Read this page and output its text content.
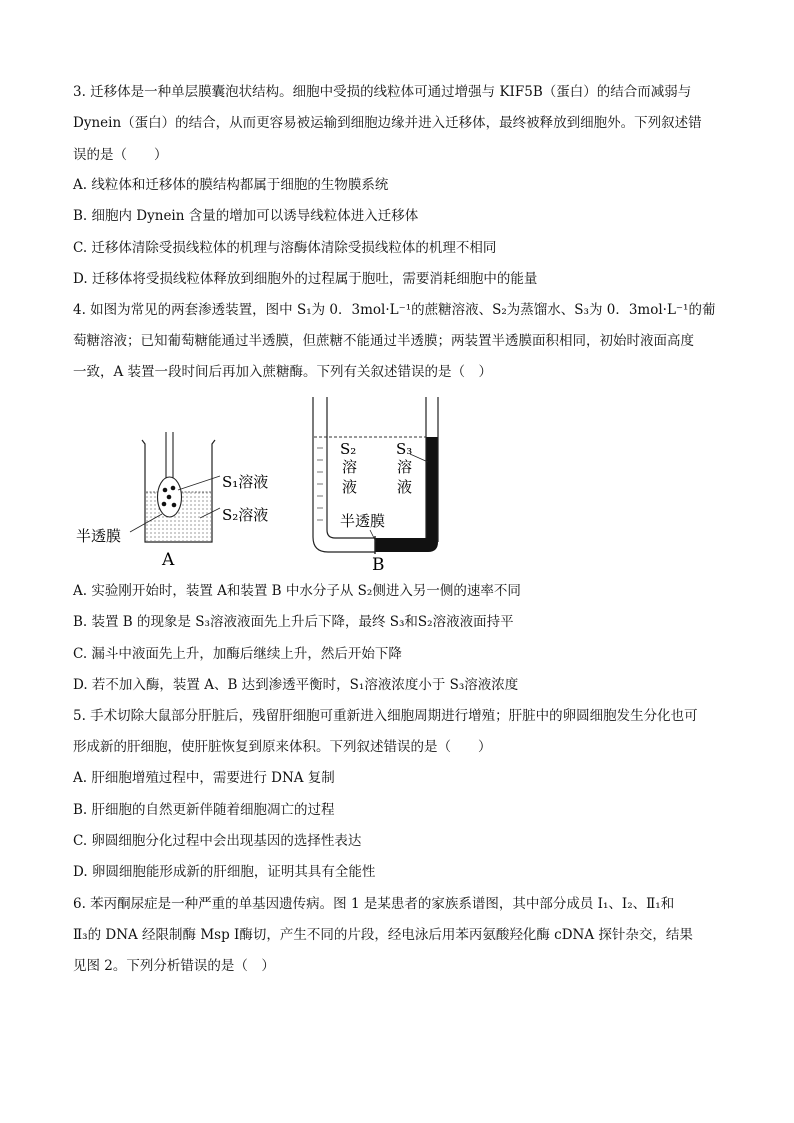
3. 迁移体是一种单层膜囊泡状结构。细胞中受损的线粒体可通过增强与 KIF5B（蛋白）的结合而减弱与
Dynein（蛋白）的结合，从而更容易被运输到细胞边缘并进入迁移体，最终被释放到细胞外。下列叙述错
误的是（　　）
A. 线粒体和迁移体的膜结构都属于细胞的生物膜系统
B. 细胞内 Dynein 含量的增加可以诱导线粒体进入迁移体
C. 迁移体清除受损线粒体的机理与溶酶体清除受损线粒体的机理不相同
D. 迁移体将受损线粒体释放到细胞外的过程属于胞吐，需要消耗细胞中的能量
4. 如图为常见的两套渗透装置，图中 S₁为 0．3mol·L⁻¹的蔗糖溶液、S₂为蒸馏水、S₃为 0．3mol·L⁻¹的葡
萄糖溶液；已知葡萄糖能通过半透膜，但蔗糖不能通过半透膜；两装置半透膜面积相同，初始时液面高度
一致，A 装置一段时间后再加入蔗糖酶。下列有关叙述错误的是（　）
S₁溶液
S₂溶液
半透膜
A
S₂
溶
液
S₃
溶
液
半透膜
B
A. 实验刚开始时，装置 A和装置 B 中水分子从 S₂侧进入另一侧的速率不同
B. 装置 B 的现象是 S₃溶液液面先上升后下降，最终 S₃和S₂溶液液面持平
C. 漏斗中液面先上升，加酶后继续上升，然后开始下降
D. 若不加入酶，装置 A、B 达到渗透平衡时，S₁溶液浓度小于 S₃溶液浓度
5. 手术切除大鼠部分肝脏后，残留肝细胞可重新进入细胞周期进行增殖；肝脏中的卵圆细胞发生分化也可
形成新的肝细胞，使肝脏恢复到原来体积。下列叙述错误的是（　　）
A. 肝细胞增殖过程中，需要进行 DNA 复制
B. 肝细胞的自然更新伴随着细胞凋亡的过程
C. 卵圆细胞分化过程中会出现基因的选择性表达
D. 卵圆细胞能形成新的肝细胞，证明其具有全能性
6. 苯丙酮尿症是一种严重的单基因遗传病。图 1 是某患者的家族系谱图，其中部分成员 Ⅰ₁、Ⅰ₂、Ⅱ₁和
Ⅱ₃的 DNA 经限制酶 Msp Ⅰ酶切，产生不同的片段，经电泳后用苯丙氨酸羟化酶 cDNA 探针杂交，结果
见图 2。下列分析错误的是（　）
